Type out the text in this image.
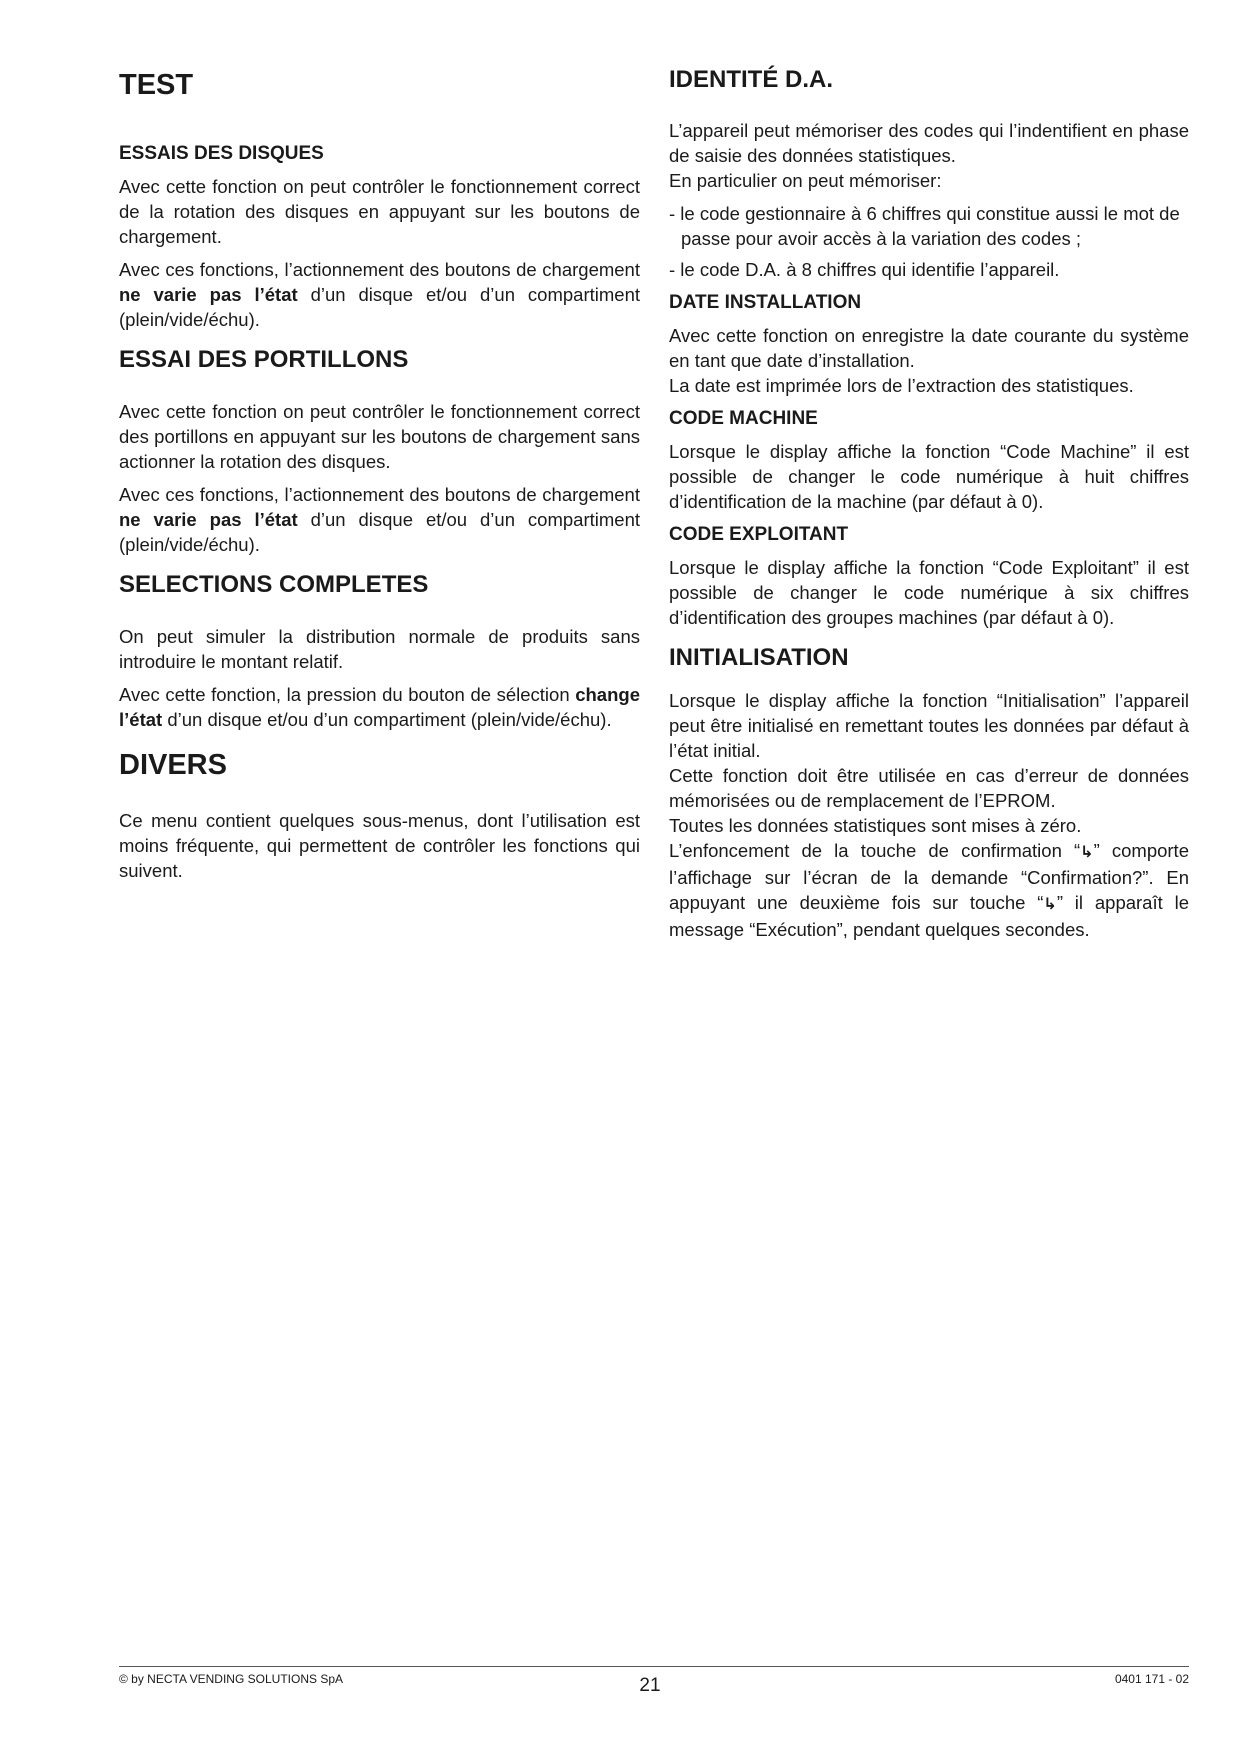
TEST
ESSAIS DES DISQUES

Avec cette fonction on peut contrôler le fonctionnement correct de la rotation des disques en appuyant sur les boutons de chargement.

Avec ces fonctions, l’actionnement des boutons de chargement ne varie pas l’état d’un disque et/ou d’un compartiment (plein/vide/échu).

ESSAI DES PORTILLONS

Avec cette fonction on peut contrôler le fonctionnement correct des portillons en appuyant sur les boutons de chargement sans actionner la rotation des disques.

Avec ces fonctions, l’actionnement des boutons de chargement ne varie pas l’état d’un disque et/ou d’un compartiment (plein/vide/échu).

SELECTIONS COMPLETES

On peut simuler la distribution normale de produits sans introduire le montant relatif.

Avec cette fonction, la pression du bouton de sélection change l’état d’un disque et/ou d’un compartiment (plein/vide/échu).

DIVERS

Ce menu contient quelques sous-menus, dont l’utilisation est moins fréquente, qui permettent de contrôler les fonctions qui suivent.

IDENTITÉ D.A.

L’appareil peut mémoriser des codes qui l’indentifient en phase de saisie des données statistiques.

En particulier on peut mémoriser:

- le code gestionnaire à 6 chiffres qui constitue aussi le mot de passe pour avoir accès à la variation des codes ;
- le code D.A. à 8 chiffres qui identifie l’appareil.
DATE INSTALLATION

Avec cette fonction on enregistre la date courante du système en tant que date d’installation.

La date est imprimée lors de l’extraction des statistiques.

CODE MACHINE

Lorsque le display affiche la fonction “Code Machine” il est possible de changer le code numérique à huit chiffres d’identification de la machine (par défaut à 0).

CODE EXPLOITANT

Lorsque le display affiche la fonction “Code Exploitant” il est possible de changer le code numérique à six chiffres d’identification des groupes machines (par défaut à 0).

INITIALISATION

Lorsque le display affiche la fonction “Initialisation” l’appareil peut être initialisé en remettant toutes les données par défaut à l’état initial.

Cette fonction doit être utilisée en cas d’erreur de données mémorisées ou de remplacement de l’EPROM.

Toutes les données statistiques sont mises à zéro.

L’enfoncement de la touche de confirmation “↳” comporte l’affichage sur l’écran de la demande “Confirmation?”. En appuyant une deuxième fois sur touche “↳” il apparaît le message “Exécution”, pendant quelques secondes.

© by NECTA VENDING SOLUTIONS SpA	21	0401 171 - 02
